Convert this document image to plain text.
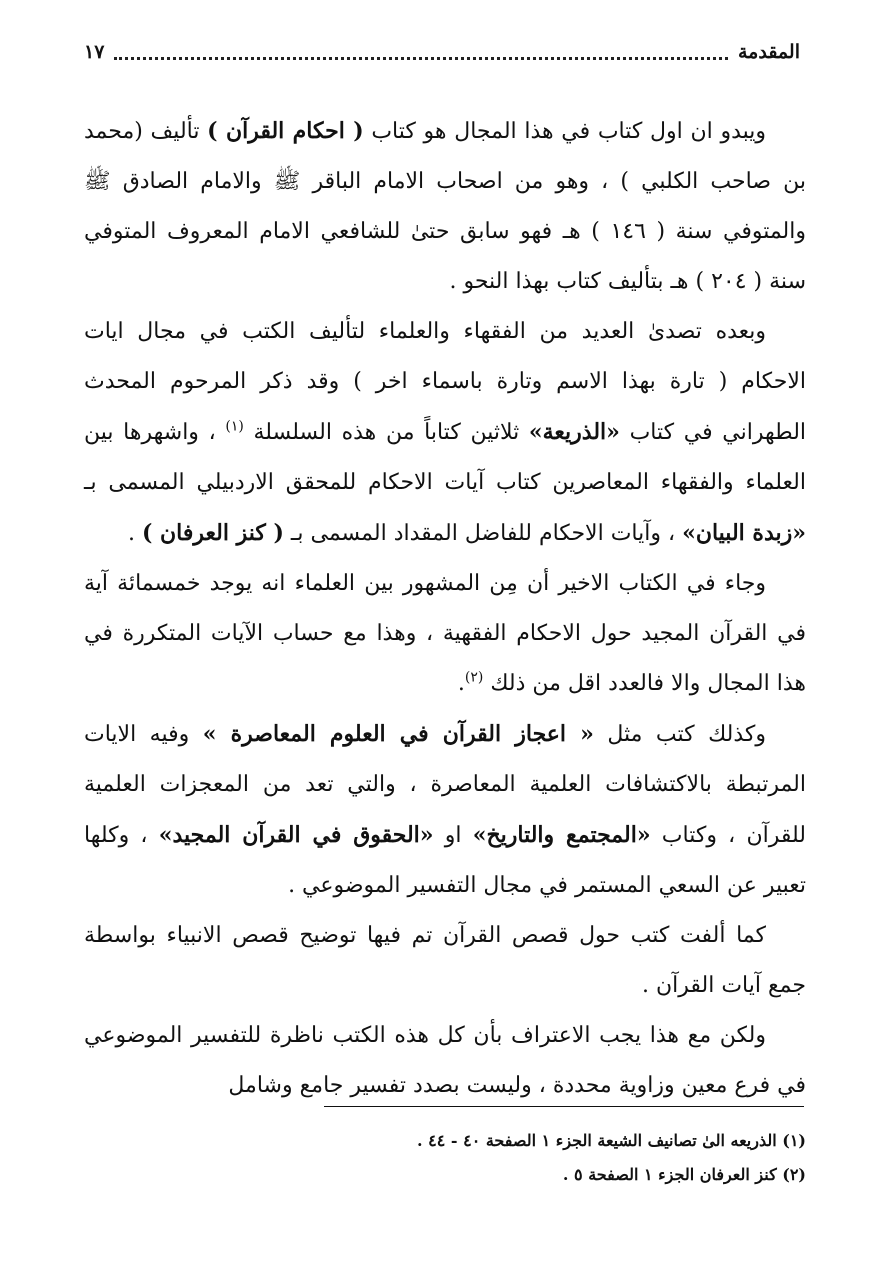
المقدمة
١٧

ويبدو ان اول كتاب في هذا المجال هو كتاب ( احكام القرآن ) تأليف (محمد بن صاحب الكلبي ) ، وهو من اصحاب الامام الباقر ﷺ والامام الصادق ﷺ والمتوفي سنة ( ١٤٦ ) هـ فهو سابق حتىٰ للشافعي الامام المعروف المتوفي سنة ( ٢٠٤ ) هـ بتأليف كتاب بهذا النحو .

وبعده تصدىٰ العديد من الفقهاء والعلماء لتأليف الكتب في مجال ايات الاحكام ( تارة بهذا الاسم وتارة باسماء اخر ) وقد ذكر المرحوم المحدث الطهراني في كتاب «الذريعة» ثلاثين كتاباً من هذه السلسلة $^{(١)}$ ، واشهرها بين العلماء والفقهاء المعاصرين كتاب آيات الاحكام للمحقق الاردبيلي المسمى بـ «زبدة البيان» ، وآيات الاحكام للفاضل المقداد المسمى بـ ( كنز العرفان ) .

وجاء في الكتاب الاخير أن مِن المشهور بين العلماء انه يوجد خمسمائة آية في القرآن المجيد حول الاحكام الفقهية ، وهذا مع حساب الآيات المتكررة في هذا المجال والا فالعدد اقل من ذلك $^{(٢)}$.

وكذلك كتب مثل « اعجاز القرآن في العلوم المعاصرة » وفيه الايات المرتبطة بالاكتشافات العلمية المعاصرة ، والتي تعد من المعجزات العلمية للقرآن ، وكتاب «المجتمع والتاريخ» او «الحقوق في القرآن المجيد» ، وكلها تعبير عن السعي المستمر في مجال التفسير الموضوعي .

كما ألفت كتب حول قصص القرآن تم فيها توضيح قصص الانبياء بواسطة جمع آيات القرآن .

ولكن مع هذا يجب الاعتراف بأن كل هذه الكتب ناظرة للتفسير الموضوعي في فرع معين وزاوية محددة ، وليست بصدد تفسير جامع وشامل

(١) الذريعه الىٰ تصانيف الشيعة الجزء ١ الصفحة ٤٠ - ٤٤ .
(٢) كنز العرفان الجزء ١ الصفحة ٥ .
